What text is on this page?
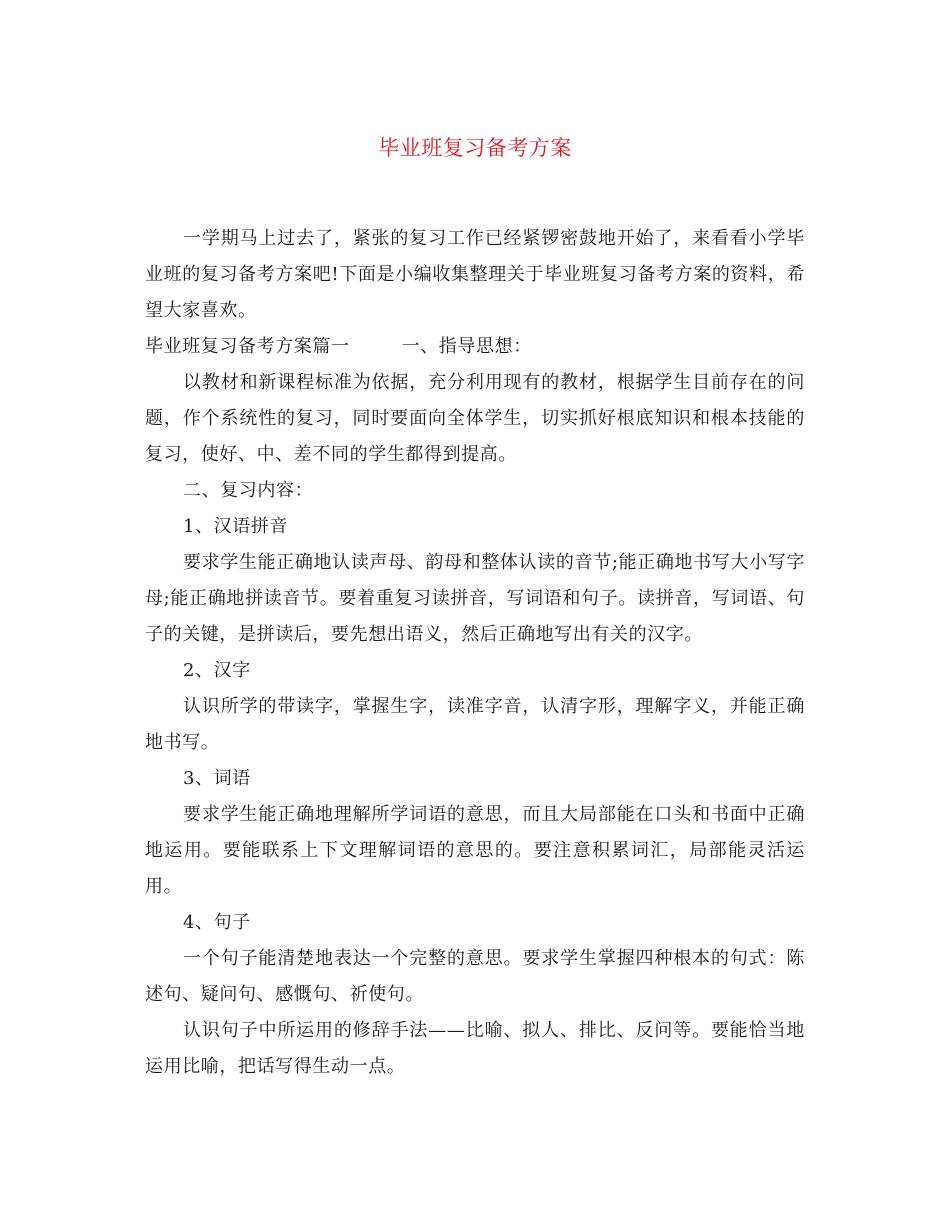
毕业班复习备考方案

一学期马上过去了，紧张的复习工作已经紧锣密鼓地开始了，来看看小学毕业班的复习备考方案吧!下面是小编收集整理关于毕业班复习备考方案的资料，希望大家喜欢。

毕业班复习备考方案篇一	一、指导思想：

以教材和新课程标准为依据，充分利用现有的教材，根据学生目前存在的问题，作个系统性的复习，同时要面向全体学生，切实抓好根底知识和根本技能的复习，使好、中、差不同的学生都得到提高。

二、复习内容：

1、汉语拼音

要求学生能正确地认读声母、韵母和整体认读的音节;能正确地书写大小写字母;能正确地拼读音节。要着重复习读拼音，写词语和句子。读拼音，写词语、句子的关键，是拼读后，要先想出语义，然后正确地写出有关的汉字。

2、汉字

认识所学的带读字，掌握生字，读准字音，认清字形，理解字义，并能正确地书写。

3、词语

要求学生能正确地理解所学词语的意思，而且大局部能在口头和书面中正确地运用。要能联系上下文理解词语的意思的。要注意积累词汇，局部能灵活运用。

4、句子

一个句子能清楚地表达一个完整的意思。要求学生掌握四种根本的句式：陈述句、疑问句、感慨句、祈使句。

认识句子中所运用的修辞手法——比喻、拟人、排比、反问等。要能恰当地运用比喻，把话写得生动一点。
